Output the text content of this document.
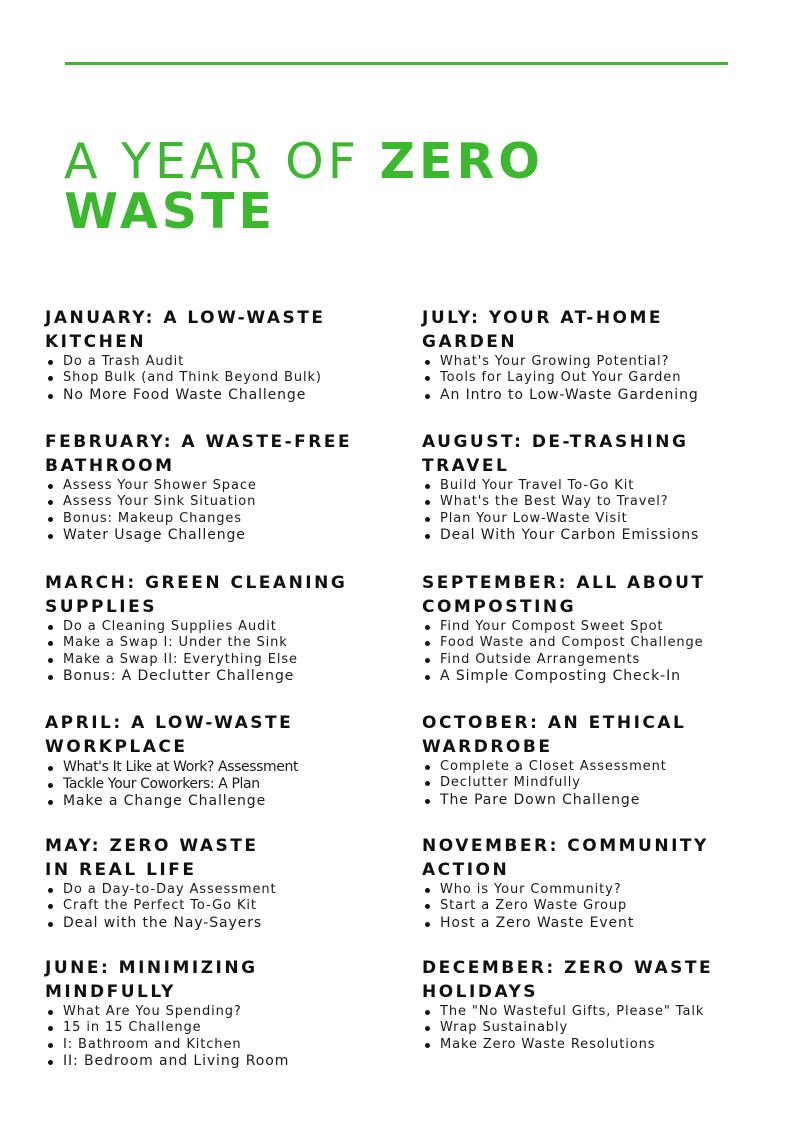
A YEAR OF ZERO
WASTE
JANUARY: A LOW-WASTE
KITCHEN
Do a Trash Audit
Shop Bulk (and Think Beyond Bulk)
No More Food Waste Challenge
FEBRUARY: A WASTE-FREE
BATHROOM
Assess Your Shower Space
Assess Your Sink Situation
Bonus: Makeup Changes
Water Usage Challenge
MARCH: GREEN CLEANING
SUPPLIES
Do a Cleaning Supplies Audit
Make a Swap I: Under the Sink
Make a Swap II: Everything Else
Bonus: A Declutter Challenge
APRIL: A LOW-WASTE
WORKPLACE
What's It Like at Work? Assessment
Tackle Your Coworkers: A Plan
Make a Change Challenge
MAY: ZERO WASTE
IN REAL LIFE
Do a Day-to-Day Assessment
Craft the Perfect To-Go Kit
Deal with the Nay-Sayers
JUNE: MINIMIZING
MINDFULLY
What Are You Spending?
15 in 15 Challenge
I: Bathroom and Kitchen
II: Bedroom and Living Room
JULY: YOUR AT-HOME
GARDEN
What's Your Growing Potential?
Tools for Laying Out Your Garden
An Intro to Low-Waste Gardening
AUGUST: DE-TRASHING
TRAVEL
Build Your Travel To-Go Kit
What's the Best Way to Travel?
Plan Your Low-Waste Visit
Deal With Your Carbon Emissions
SEPTEMBER: ALL ABOUT
COMPOSTING
Find Your Compost Sweet Spot
Food Waste and Compost Challenge
Find Outside Arrangements
A Simple Composting Check-In
OCTOBER: AN ETHICAL
WARDROBE
Complete a Closet Assessment
Declutter Mindfully
The Pare Down Challenge
NOVEMBER: COMMUNITY
ACTION
Who is Your Community?
Start a Zero Waste Group
Host a Zero Waste Event
DECEMBER: ZERO WASTE
HOLIDAYS
The "No Wasteful Gifts, Please" Talk
Wrap Sustainably
Make Zero Waste Resolutions
